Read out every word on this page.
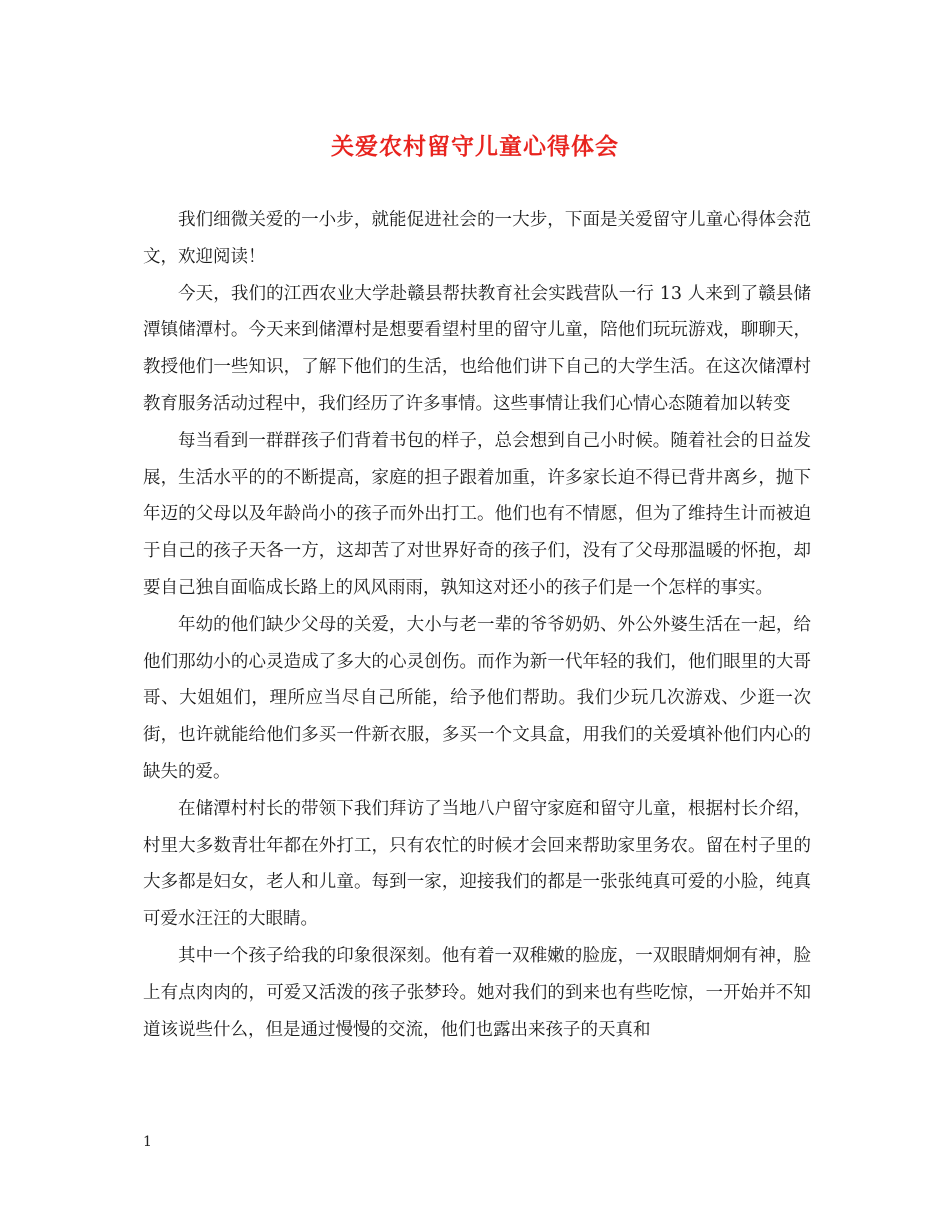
关爱农村留守儿童心得体会

我们细微关爱的一小步，就能促进社会的一大步，下面是关爱留守儿童心得体会范文，欢迎阅读！

今天，我们的江西农业大学赴赣县帮扶教育社会实践营队一行 13 人来到了赣县储潭镇储潭村。今天来到储潭村是想要看望村里的留守儿童，陪他们玩玩游戏，聊聊天，教授他们一些知识，了解下他们的生活，也给他们讲下自己的大学生活。在这次储潭村教育服务活动过程中，我们经历了许多事情。这些事情让我们心情心态随着加以转变

每当看到一群群孩子们背着书包的样子，总会想到自己小时候。随着社会的日益发展，生活水平的的不断提高，家庭的担子跟着加重，许多家长迫不得已背井离乡，抛下年迈的父母以及年龄尚小的孩子而外出打工。他们也有不情愿，但为了维持生计而被迫于自己的孩子天各一方，这却苦了对世界好奇的孩子们，没有了父母那温暖的怀抱，却要自己独自面临成长路上的风风雨雨，孰知这对还小的孩子们是一个怎样的事实。

年幼的他们缺少父母的关爱，大小与老一辈的爷爷奶奶、外公外婆生活在一起，给他们那幼小的心灵造成了多大的心灵创伤。而作为新一代年轻的我们，他们眼里的大哥哥、大姐姐们，理所应当尽自己所能，给予他们帮助。我们少玩几次游戏、少逛一次街，也许就能给他们多买一件新衣服，多买一个文具盒，用我们的关爱填补他们内心的缺失的爱。

在储潭村村长的带领下我们拜访了当地八户留守家庭和留守儿童，根据村长介绍，村里大多数青壮年都在外打工，只有农忙的时候才会回来帮助家里务农。留在村子里的大多都是妇女，老人和儿童。每到一家，迎接我们的都是一张张纯真可爱的小脸，纯真可爱水汪汪的大眼睛。

其中一个孩子给我的印象很深刻。他有着一双稚嫩的脸庞，一双眼睛炯炯有神，脸上有点肉肉的，可爱又活泼的孩子张梦玲。她对我们的到来也有些吃惊，一开始并不知道该说些什么，但是通过慢慢的交流，他们也露出来孩子的天真和

1
